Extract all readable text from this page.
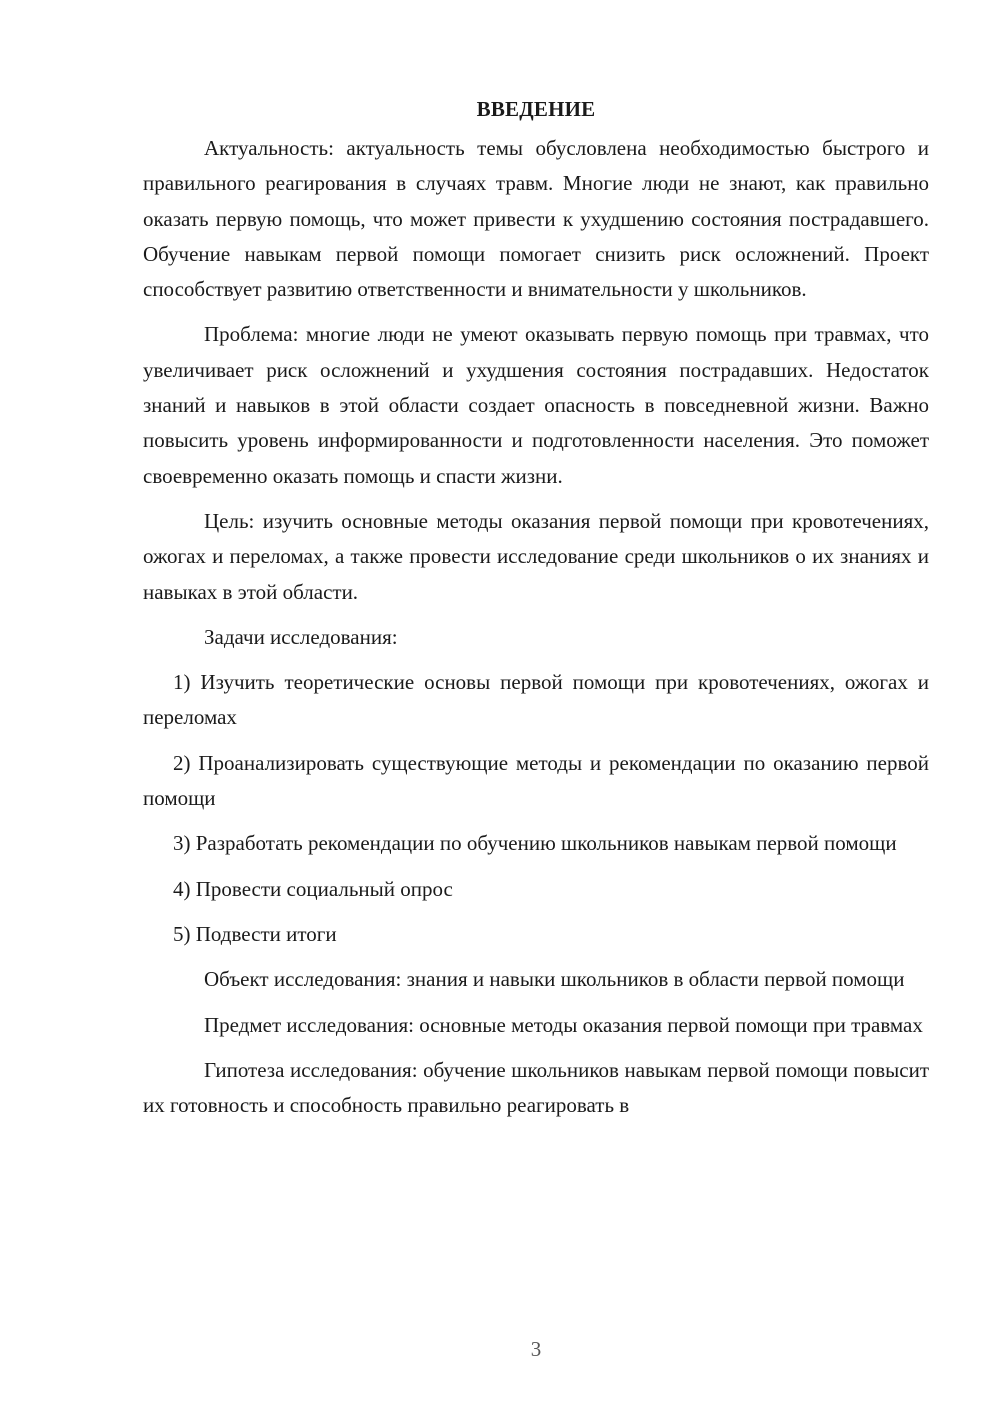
ВВЕДЕНИЕ

Актуальность: актуальность темы обусловлена необходимостью быстрого и правильного реагирования в случаях травм. Многие люди не знают, как правильно оказать первую помощь, что может привести к ухудшению состояния пострадавшего. Обучение навыкам первой помощи помогает снизить риск осложнений. Проект способствует развитию ответственности и внимательности у школьников.

Проблема: многие люди не умеют оказывать первую помощь при травмах, что увеличивает риск осложнений и ухудшения состояния пострадавших. Недостаток знаний и навыков в этой области создает опасность в повседневной жизни. Важно повысить уровень информированности и подготовленности населения. Это поможет своевременно оказать помощь и спасти жизни.

Цель: изучить основные методы оказания первой помощи при кровотечениях, ожогах и переломах, а также провести исследование среди школьников о их знаниях и навыках в этой области.

Задачи исследования:

1) Изучить теоретические основы первой помощи при кровотечениях, ожогах и переломах

2) Проанализировать существующие методы и рекомендации по оказанию первой помощи

3) Разработать рекомендации по обучению школьников навыкам первой помощи

4) Провести социальный опрос

5) Подвести итоги

Объект исследования: знания и навыки школьников в области первой помощи

Предмет исследования: основные методы оказания первой помощи при травмах

Гипотеза исследования: обучение школьников навыкам первой помощи повысит их готовность и способность правильно реагировать в

3
